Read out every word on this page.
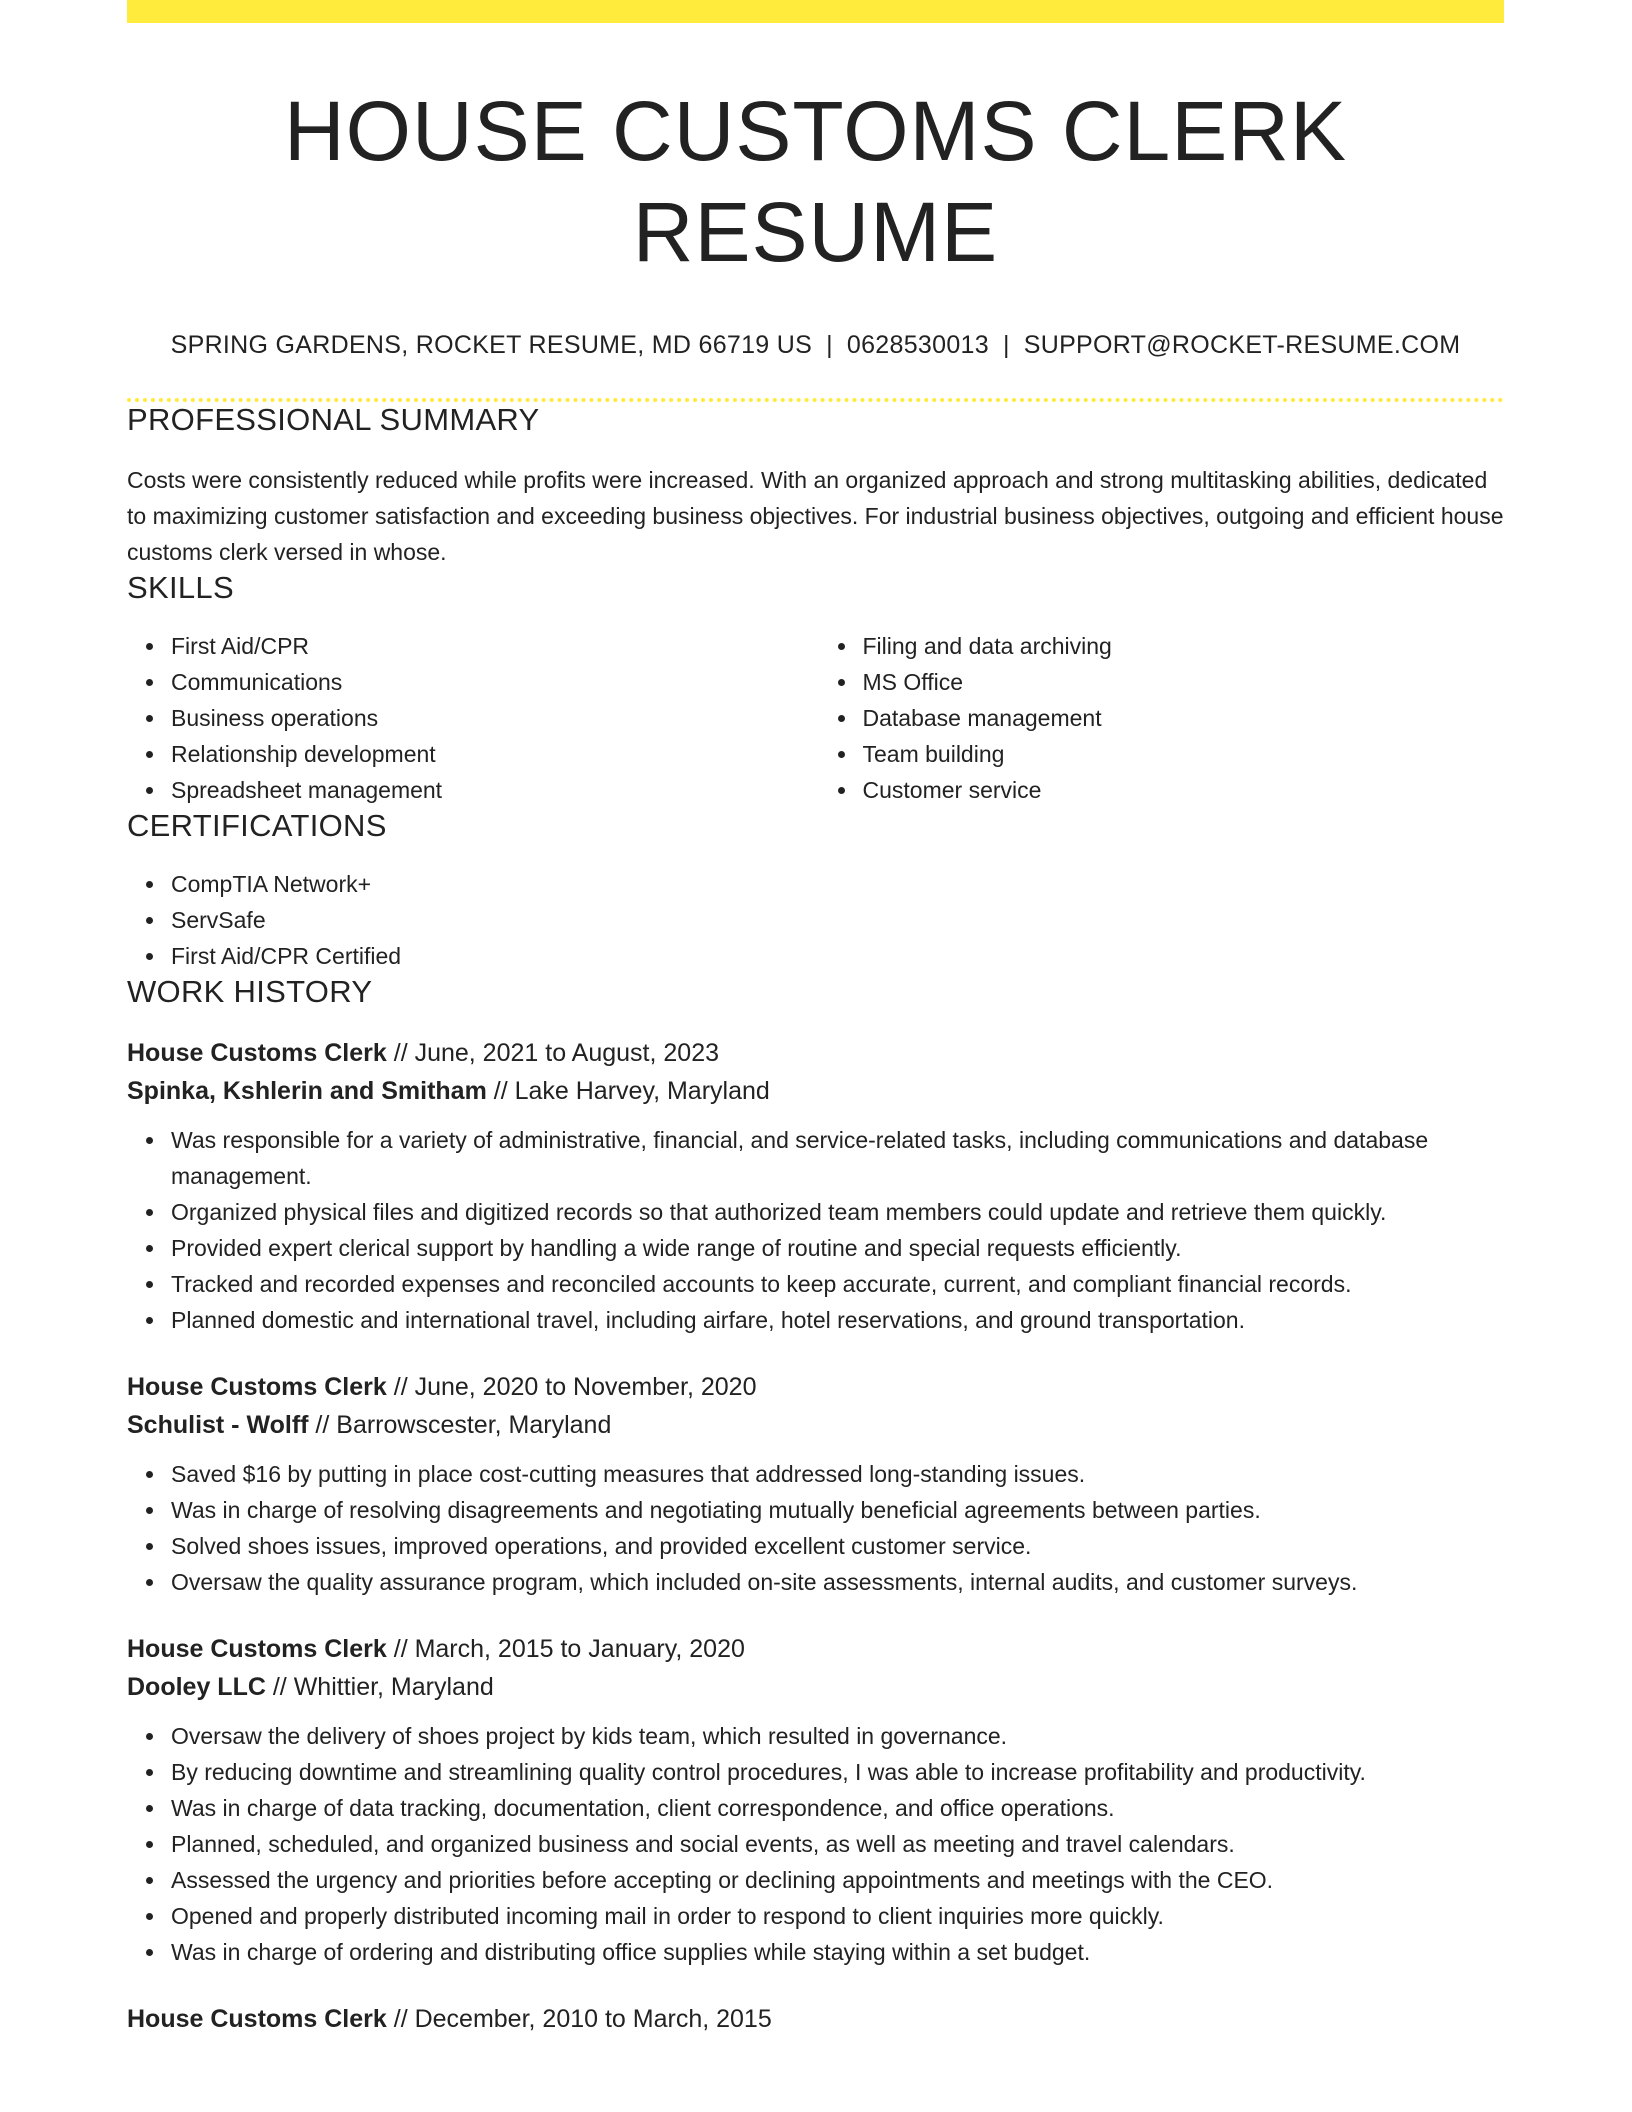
HOUSE CUSTOMS CLERK RESUME
SPRING GARDENS, ROCKET RESUME, MD 66719 US | 0628530013 | SUPPORT@ROCKET-RESUME.COM
PROFESSIONAL SUMMARY

Costs were consistently reduced while profits were increased. With an organized approach and strong multitasking abilities, dedicated to maximizing customer satisfaction and exceeding business objectives. For industrial business objectives, outgoing and efficient house customs clerk versed in whose.

SKILLS
First Aid/CPR
Communications
Business operations
Relationship development
Spreadsheet management
Filing and data archiving
MS Office
Database management
Team building
Customer service
CERTIFICATIONS
CompTIA Network+
ServSafe
First Aid/CPR Certified
WORK HISTORY
House Customs Clerk // June, 2021 to August, 2023
Spinka, Kshlerin and Smitham // Lake Harvey, Maryland
Was responsible for a variety of administrative, financial, and service-related tasks, including communications and database management.
Organized physical files and digitized records so that authorized team members could update and retrieve them quickly.
Provided expert clerical support by handling a wide range of routine and special requests efficiently.
Tracked and recorded expenses and reconciled accounts to keep accurate, current, and compliant financial records.
Planned domestic and international travel, including airfare, hotel reservations, and ground transportation.
House Customs Clerk // June, 2020 to November, 2020
Schulist - Wolff // Barrowscester, Maryland
Saved $16 by putting in place cost-cutting measures that addressed long-standing issues.
Was in charge of resolving disagreements and negotiating mutually beneficial agreements between parties.
Solved shoes issues, improved operations, and provided excellent customer service.
Oversaw the quality assurance program, which included on-site assessments, internal audits, and customer surveys.
House Customs Clerk // March, 2015 to January, 2020
Dooley LLC // Whittier, Maryland
Oversaw the delivery of shoes project by kids team, which resulted in governance.
By reducing downtime and streamlining quality control procedures, I was able to increase profitability and productivity.
Was in charge of data tracking, documentation, client correspondence, and office operations.
Planned, scheduled, and organized business and social events, as well as meeting and travel calendars.
Assessed the urgency and priorities before accepting or declining appointments and meetings with the CEO.
Opened and properly distributed incoming mail in order to respond to client inquiries more quickly.
Was in charge of ordering and distributing office supplies while staying within a set budget.
House Customs Clerk // December, 2010 to March, 2015
